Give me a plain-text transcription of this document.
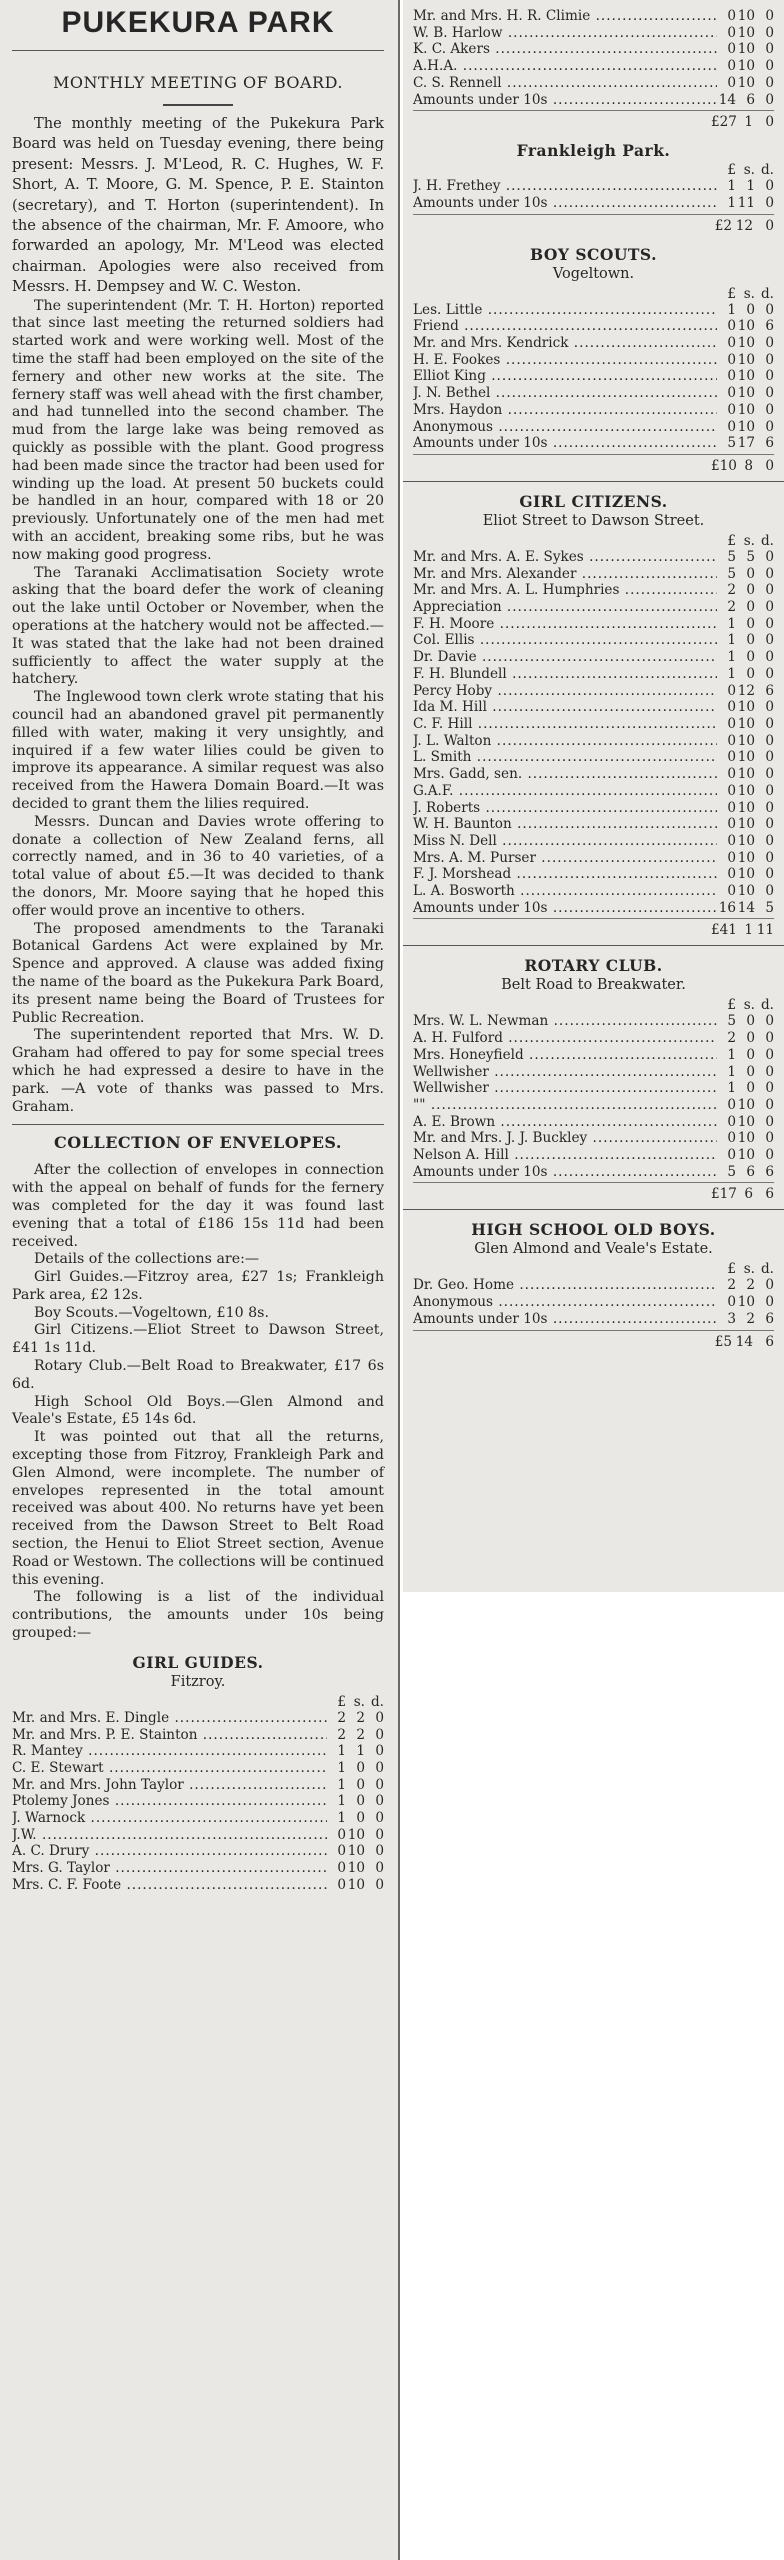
PUKEKURA PARK
MONTHLY MEETING OF BOARD.

The monthly meeting of the Pukekura Park Board was held on Tuesday evening, there being present: Messrs. J. M'Leod, R. C. Hughes, W. F. Short, A. T. Moore, G. M. Spence, P. E. Stainton (secretary), and T. Horton (superintendent). In the absence of the chairman, Mr. F. Amoore, who forwarded an apology, Mr. M'Leod was elected chairman. Apologies were also received from Messrs. H. Dempsey and W. C. Weston.

The superintendent (Mr. T. H. Horton) reported that since last meeting the returned soldiers had started work and were working well. Most of the time the staff had been employed on the site of the fernery and other new works at the site. The fernery staff was well ahead with the first chamber, and had tunnelled into the second chamber. The mud from the large lake was being removed as quickly as possible with the plant. Good progress had been made since the tractor had been used for winding up the load. At present 50 buckets could be handled in an hour, compared with 18 or 20 previously. Unfortunately one of the men had met with an accident, breaking some ribs, but he was now making good progress.

The Taranaki Acclimatisation Society wrote asking that the board defer the work of cleaning out the lake until October or November, when the operations at the hatchery would not be affected.—It was stated that the lake had not been drained sufficiently to affect the water supply at the hatchery.

The Inglewood town clerk wrote stating that his council had an abandoned gravel pit permanently filled with water, making it very unsightly, and inquired if a few water lilies could be given to improve its appearance. A similar request was also received from the Hawera Domain Board.—It was decided to grant them the lilies required.

Messrs. Duncan and Davies wrote offering to donate a collection of New Zealand ferns, all correctly named, and in 36 to 40 varieties, of a total value of about £5.—It was decided to thank the donors, Mr. Moore saying that he hoped this offer would prove an incentive to others.

The proposed amendments to the Taranaki Botanical Gardens Act were explained by Mr. Spence and approved. A clause was added fixing the name of the board as the Pukekura Park Board, its present name being the Board of Trustees for Public Recreation.

The superintendent reported that Mrs. W. D. Graham had offered to pay for some special trees which he had expressed a desire to have in the park. —A vote of thanks was passed to Mrs. Graham.

COLLECTION OF ENVELOPES.

After the collection of envelopes in connection with the appeal on behalf of funds for the fernery was completed for the day it was found last evening that a total of £186 15s 11d had been received.

Details of the collections are:—

Girl Guides.—Fitzroy area, £27 1s; Frankleigh Park area, £2 12s.

Boy Scouts.—Vogeltown, £10 8s.

Girl Citizens.—Eliot Street to Dawson Street, £41 1s 11d.

Rotary Club.—Belt Road to Breakwater, £17 6s 6d.

High School Old Boys.—Glen Almond and Veale's Estate, £5 14s 6d.

It was pointed out that all the returns, excepting those from Fitzroy, Frankleigh Park and Glen Almond, were incomplete. The number of envelopes represented in the total amount received was about 400. No returns have yet been received from the Dawson Street to Belt Road section, the Henui to Eliot Street section, Avenue Road or Westown. The collections will be continued this evening.

The following is a list of the individual contributions, the amounts under 10s being grouped:—

GIRL GUIDES.
Fitzroy.
£ s. d.
Mr. and Mrs. E. Dingle .....	2 2 0
Mr. and Mrs. P. E. Stainton .....	2 2 0
R. Mantey .....	1 1 0
C. E. Stewart .....	1 0 0
Mr. and Mrs. John Taylor .....	1 0 0
Ptolemy Jones .....	1 0 0
J. Warnock .....	1 0 0
J.W. .....	0 10 0
A. C. Drury .....	0 10 0
Mrs. G. Taylor .....	0 10 0
Mrs. C. F. Foote .....	0 10 0
Mr. and Mrs. H. R. Climie .....	0 10 0
W. B. Harlow .....	0 10 0
K. C. Akers .....	0 10 0
A.H.A. .....	0 10 0
C. S. Rennell .....	0 10 0
Amounts under 10s .....	14 6 0
£27 1 0
Frankleigh Park.
£ s. d.
J. H. Frethey .....	1 1 0
Amounts under 10s .....	1 11 0
£2 12 0
BOY SCOUTS.
Vogeltown.
£ s. d.
Les. Little .....	1 0 0
Friend .....	0 10 6
Mr. and Mrs. Kendrick .....	0 10 0
H. E. Fookes .....	0 10 0
Elliot King .....	0 10 0
J. N. Bethel .....	0 10 0
Mrs. Haydon .....	0 10 0
Anonymous .....	0 10 0
Amounts under 10s .....	5 17 6
£10 8 0
GIRL CITIZENS.
Eliot Street to Dawson Street.
£ s. d.
Mr. and Mrs. A. E. Sykes .....	5 5 0
Mr. and Mrs. Alexander .....	5 0 0
Mr. and Mrs. A. L. Humphries .....	2 0 0
Appreciation .....	2 0 0
F. H. Moore .....	1 0 0
Col. Ellis .....	1 0 0
Dr. Davie .....	1 0 0
F. H. Blundell .....	1 0 0
Percy Hoby .....	0 12 6
Ida M. Hill .....	0 10 0
C. F. Hill .....	0 10 0
J. L. Walton .....	0 10 0
L. Smith .....	0 10 0
Mrs. Gadd, sen. .....	0 10 0
G.A.F. .....	0 10 0
J. Roberts .....	0 10 0
W. H. Baunton .....	0 10 0
Miss N. Dell .....	0 10 0
Mrs. A. M. Purser .....	0 10 0
F. J. Morshead .....	0 10 0
L. A. Bosworth .....	0 10 0
Amounts under 10s .....	16 14 5
£41 1 11
ROTARY CLUB.
Belt Road to Breakwater.
£ s. d.
Mrs. W. L. Newman .....	5 0 0
A. H. Fulford .....	2 0 0
Mrs. Honeyfield .....	1 0 0
Wellwisher .....	1 0 0
Wellwisher .....	1 0 0
"" .....	0 10 0
A. E. Brown .....	0 10 0
Mr. and Mrs. J. J. Buckley .....	0 10 0
Nelson A. Hill .....	0 10 0
Amounts under 10s .....	5 6 6
£17 6 6
HIGH SCHOOL OLD BOYS.
Glen Almond and Veale's Estate.
£ s. d.
Dr. Geo. Home .....	2 2 0
Anonymous .....	0 10 0
Amounts under 10s .....	3 2 6
£5 14 6
